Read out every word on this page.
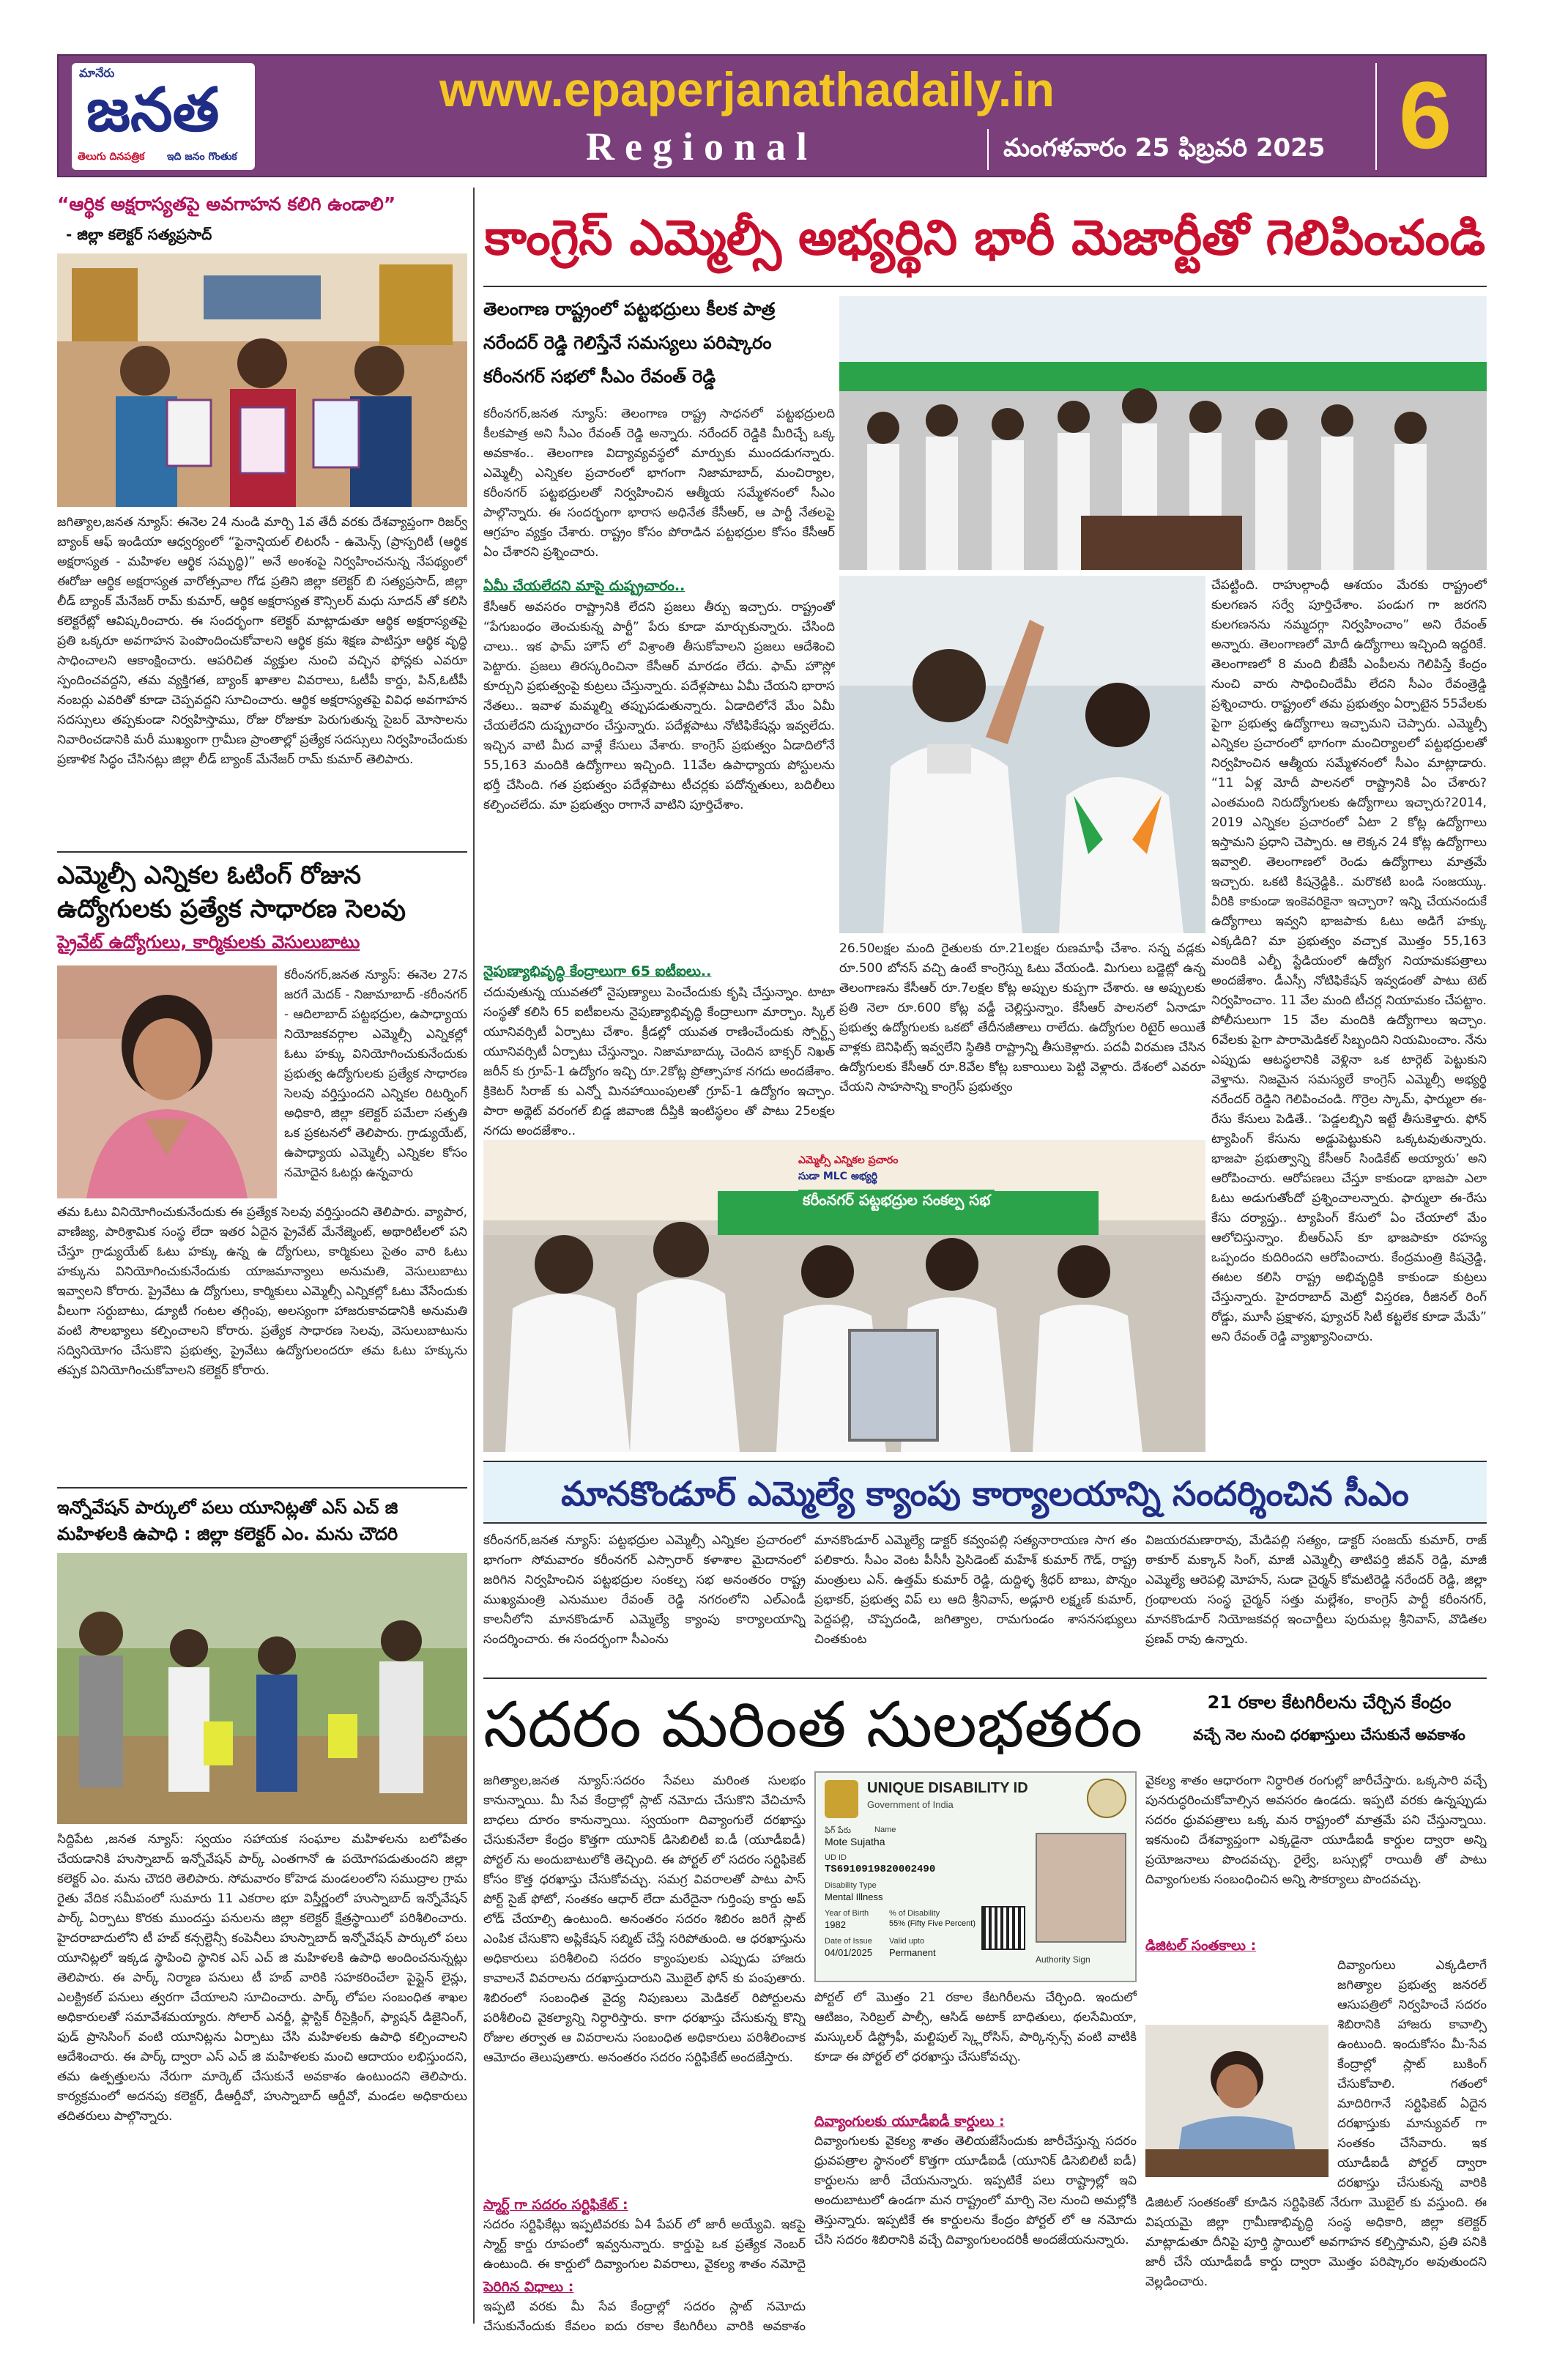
మానేరు
జనత
తెలుగు దినపత్రిక ఇది జనం గొంతుక
www.epaperjanathadaily.in
Regional	మంగళవారం 25 ఫిబ్రవరి 2025 6
“ఆర్థిక అక్షరాస్యతపై అవగాహన కలిగి ఉండాలి”
- జిల్లా కలెక్టర్ సత్యప్రసాద్
జగిత్యాల,జనత న్యూస్: ఈనెల 24 నుండి మార్చి 1వ తేదీ వరకు దేశవ్యాప్తంగా రిజర్వ్ బ్యాంక్ ఆఫ్ ఇండియా ఆధ్వర్యంలో “ఫైనాన్షియల్ లిటరసీ - ఉమెన్స్ (ప్రాస్పరిటీ (ఆర్థిక అక్షరాస్యత - మహిళల ఆర్థిక సమృద్ధి)” అనే అంశంపై నిర్వహించనున్న నేపథ్యంలో ఈరోజు ఆర్థిక అక్షరాస్యత వారోత్సవాల గోడ ప్రతిని జిల్లా కలెక్టర్ బి సత్యప్రసాద్, జిల్లా లీడ్ బ్యాంక్ మేనేజర్ రామ్ కుమార్, ఆర్థిక అక్షరాస్యత కౌన్సిలర్ మధు సూదన్ తో కలిసి కలెక్టరేట్లో ఆవిష్కరించారు. ఈ సందర్భంగా కలెక్టర్ మాట్లాడుతూ ఆర్థిక అక్షరాస్యతపై ప్రతి ఒక్కరూ అవగాహన పెంపొందించుకోవాలని ఆర్థిక క్రమ శిక్షణ పాటిస్తూ ఆర్థిక వృద్ధి సాధించాలని ఆకాంక్షించారు. ఆపరిచిత వ్యక్తుల నుంచి వచ్చిన ఫోన్లకు ఎవరూ స్పందించవద్దని, తమ వ్యక్తిగత, బ్యాంక్ ఖాతాల వివరాలు, ఓటీపీ కార్డు, పిన్,ఓటీపీ నంబర్లు ఎవరితో కూడా చెప్పవద్దని సూచించారు. ఆర్థిక అక్షరాస్యతపై వివిధ అవగాహన సదస్సులు తప్పకుండా నిర్వహిస్తాము, రోజు రోజుకూ పెరుగుతున్న సైబర్ మోసాలను నివారించడానికి మరీ ముఖ్యంగా గ్రామీణ ప్రాంతాల్లో ప్రత్యేక సదస్సులు నిర్వహించేందుకు ప్రణాళిక సిద్ధం చేసినట్లు జిల్లా లీడ్ బ్యాంక్ మేనేజర్ రామ్ కుమార్ తెలిపారు.
ఎమ్మెల్సీ ఎన్నికల ఓటింగ్ రోజున ఉద్యోగులకు ప్రత్యేక సాధారణ సెలవు
ప్రైవేట్ ఉద్యోగులు, కార్మికులకు వెసులుబాటు
కరీంనగర్,జనత న్యూస్: ఈనెల 27న జరగే మెదక్ - నిజామాబాద్ -కరీంనగర్ - ఆదిలాబాద్ పట్టభద్రుల, ఉపాధ్యాయ నియోజకవర్గాల ఎమ్మెల్సీ ఎన్నికల్లో ఓటు హక్కు వినియోగించుకునేందుకు ప్రభుత్వ ఉద్యోగులకు ప్రత్యేక సాధారణ సెలవు వర్తిస్తుందని ఎన్నికల రిటర్నింగ్ అధికారి, జిల్లా కలెక్టర్ పమేలా సత్పతి ఒక ప్రకటనలో తెలిపారు. గ్రాడ్యుయేట్, ఉపాధ్యాయ ఎమ్మెల్సీ ఎన్నికల కోసం నమోదైన ఓటర్లు ఉన్నవారు
తమ ఓటు వినియోగించుకునేందుకు ఈ ప్రత్యేక సెలవు వర్తిస్తుందని తెలిపారు. వ్యాపార, వాణిజ్య, పారిశ్రామిక సంస్థ లేదా ఇతర ఏదైన ప్రైవేట్ మేనేజ్మెంట్, అథారిటీలలో పని చేస్తూ గ్రాడ్యుయేట్ ఓటు హక్కు ఉన్న ఉ ద్యోగులు, కార్మికులు సైతం వారి ఓటు హక్కును వినియోగించుకునేందుకు యాజమాన్యాలు అనుమతి, వెసులుబాటు ఇవ్వాలని కోరారు. ప్రైవేటు ఉ ద్యోగులు, కార్మికులు ఎమ్మెల్సీ ఎన్నికల్లో ఓటు వేసేందుకు వీలుగా సర్దుబాటు, డ్యూటీ గంటల తగ్గింపు, అలస్యంగా హాజరుకావడానికి అనుమతి వంటి సౌలభ్యాలు కల్పించాలని కోరారు. ప్రత్యేక సాధారణ సెలవు, వెసులుబాటును సద్వినియోగం చేసుకొని ప్రభుత్వ, ప్రైవేటు ఉద్యోగులందరూ తమ ఓటు హక్కును తప్పక వినియోగించుకోవాలని కలెక్టర్ కోరారు.
ఇన్నోవేషన్ పార్కులో పలు యూనిట్లతో ఎస్ ఎచ్ జి మహిళలకి ఉపాధి : జిల్లా కలెక్టర్ ఎం. మను చౌదరి
సిద్దిపేట ,జనత న్యూస్: స్వయం సహాయక సంఘాల మహిళలను బలోపేతం చేయడానికి హుస్నాబాద్ ఇన్నోవేషన్ పార్క్ ఎంతగానో ఉ పయోగపడుతుందని జిల్లా కలెక్టర్ ఎం. మను చౌదరి తెలిపారు. సోమవారం కోహెడ మండలంలోని సముద్రాల గ్రామ రైతు వేదిక సమీపంలో సుమారు 11 ఎకరాల భూ విస్తీర్ణంలో హుస్నాబాద్ ఇన్నోవేషన్ పార్క్ ఏర్పాటు కొరకు ముందస్తు పనులను జిల్లా కలెక్టర్ క్షేత్రస్థాయిలో పరిశీలించారు. హైదరాబాదులోని టీ హబ్ కన్సల్టెన్సీ కంపెనీలు హుస్నాబాద్ ఇన్నోవేషన్ పార్కులో పలు యూనిట్లలో ఇక్కడ స్థాపించి స్థానిక ఎస్ ఎచ్ జి మహిళలకి ఉపాధి అందించనున్నట్లు తెలిపారు. ఈ పార్క్ నిర్మాణ పనులు టీ హబ్ వారికి సహకరించేలా పైప్లైన్ లైన్లు, ఎలక్ట్రికల్ పనులు త్వరగా చేయాలని సూచించారు. పార్క్ లోపల సంబంధిత శాఖల అధికారులతో సమావేశమయ్యారు. సోలార్ ఎనర్జీ, ఫ్లాస్టిక్ రీసైక్లింగ్, ఫ్యాషన్ డిజైనింగ్, ఫుడ్ ప్రాసెసింగ్ వంటి యూనిట్లను ఏర్పాటు చేసి మహిళలకు ఉపాధి కల్పించాలని ఆదేశించారు. ఈ పార్క్ ద్వారా ఎస్ ఎచ్ జి మహిళలకు మంచి ఆదాయం లభిస్తుందని, తమ ఉత్పత్తులను నేరుగా మార్కెట్ చేసుకునే అవకాశం ఉంటుందని తెలిపారు. కార్యక్రమంలో అదనపు కలెక్టర్, డీఆర్డీవో, హుస్నాబాద్ ఆర్డీవో, మండల అధికారులు తదితరులు పాల్గొన్నారు.
కాంగ్రెస్ ఎమ్మెల్సీ అభ్యర్థిని భారీ మెజార్టీతో గెలిపించండి
తెలంగాణ రాష్ట్రంలో పట్టభద్రులు కీలక పాత్ర
నరేందర్ రెడ్డి గెలిస్తేనే సమస్యలు పరిష్కారం
కరీంనగర్ సభలో సీఎం రేవంత్ రెడ్డి
కరీంనగర్,జనత న్యూస్: తెలంగాణ రాష్ట్ర సాధనలో పట్టభద్రులది కీలకపాత్ర అని సీఎం రేవంత్ రెడ్డి అన్నారు. నరేందర్ రెడ్డికి మీరిచ్చే ఒక్క అవకాశం.. తెలంగాణ విద్యావ్యవస్థలో మార్పుకు ముందడుగన్నారు. ఎమ్మెల్సీ ఎన్నికల ప్రచారంలో భాగంగా నిజామాబాద్, మంచిర్యాల, కరీంనగర్ పట్టభద్రులతో నిర్వహించిన ఆత్మీయ సమ్మేళనంలో సీఎం పాల్గొన్నారు. ఈ సందర్భంగా భారాస అధినేత కేసీఆర్, ఆ పార్టీ నేతలపై ఆగ్రహం వ్యక్తం చేశారు. రాష్ట్రం కోసం పోరాడిన పట్టభద్రుల కోసం కేసీఆర్ ఏం చేశారని ప్రశ్నించారు.
ఏమీ చేయలేదని మాపై దుష్ప్రచారం..
కేసీఆర్ అవసరం రాష్ట్రానికి లేదని ప్రజలు తీర్పు ఇచ్చారు. రాష్ట్రంతో “పేగుబంధం తెంచుకున్న పార్టీ” పేరు కూడా మార్చుకున్నారు. చేసింది చాలు.. ఇక ఫామ్ హౌస్ లో విశ్రాంతి తీసుకోవాలని ప్రజలు ఆదేశించి పెట్టారు. ప్రజలు తిరస్కరించినా కేసీఆర్ మారడం లేదు. ఫామ్ హౌస్లో కూర్చుని ప్రభుత్వంపై కుట్రలు చేస్తున్నారు. పదేళ్లపాటు ఏమీ చేయని భారాస నేతలు.. ఇవాళ మమ్మల్ని తప్పుపడుతున్నారు. ఏడాదిలోనే మేం ఏమీ చేయలేదని దుష్ప్రచారం చేస్తున్నారు. పదేళ్లపాటు నోటిఫికేషన్లు ఇవ్వలేదు. ఇచ్చిన వాటి మీద వాళ్లే కేసులు వేశారు. కాంగ్రెస్ ప్రభుత్వం ఏడాదిలోనే 55,163 మందికి ఉద్యోగాలు ఇచ్చింది. 11వేల ఉపాధ్యాయ పోస్టులను భర్తీ చేసింది. గత ప్రభుత్వం పదేళ్లపాటు టీచర్లకు పదోన్నతులు, బదిలీలు కల్పించలేదు. మా ప్రభుత్వం రాగానే వాటిని పూర్తిచేశాం.
నైపుణ్యాభివృద్ధి కేంద్రాలుగా 65 ఐటీఐలు..
చదువుతున్న యువతలో నైపుణ్యాలు పెంచేందుకు కృషి చేస్తున్నాం. టాటా సంస్థతో కలిసి 65 ఐటీఐలను నైపుణ్యాభివృద్ధి కేంద్రాలుగా మార్చాం. స్కిల్ యూనివర్సిటీ ఏర్పాటు చేశాం. క్రీడల్లో యువత రాణించేందుకు స్పోర్ట్స్ యూనివర్సిటీ ఏర్పాటు చేస్తున్నాం. నిజామాబాద్కు చెందిన బాక్సర్ నిఖత్ జరీన్ కు గ్రూప్-1 ఉద్యోగం ఇచ్చి రూ.2కోట్ల ప్రోత్సాహక నగదు అందజేశాం. క్రికెటర్ సిరాజ్ కు ఎన్నో మినహాయింపులతో గ్రూప్-1 ఉద్యోగం ఇచ్చాం. పారా అథ్లెట్ వరంగల్ బిడ్డ జివాంజి దీప్తికి ఇంటిస్థలం తో పాటు 25లక్షల నగదు అందజేశాం..
26.50లక్షల మంది రైతులకు రూ.21లక్షల రుణమాఫీ చేశాం. సన్న వడ్లకు రూ.500 బోనస్ వచ్చి ఉంటే కాంగ్రెస్ను ఓటు వేయండి. మిగులు బడ్జెట్లో ఉన్న తెలంగాణను కేసీఆర్ రూ.7లక్షల కోట్ల అప్పుల కుప్పగా చేశారు. ఆ అప్పులకు ప్రతి నెలా రూ.600 కోట్ల వడ్డీ చెల్లిస్తున్నాం. కేసీఆర్ పాలనలో ఏనాడూ ప్రభుత్వ ఉద్యోగులకు ఒకటో తేదీనజీతాలు రాలేదు. ఉద్యోగుల రిటైర్ అయితే వాళ్లకు బెనిఫిట్స్ ఇవ్వలేని స్థితికి రాష్ట్రాన్ని తీసుకెళ్లారు. పదవీ విరమణ చేసిన ఉద్యోగులకు కేసీఆర్ రూ.8వేల కోట్ల బకాయిలు పెట్టి వెళ్లారు. దేశంలో ఎవరూ చేయని సాహసాన్ని కాంగ్రెస్ ప్రభుత్వం
చేపట్టింది. రాహుల్గాంధీ ఆశయం మేరకు రాష్ట్రంలో కులగణన సర్వే పూర్తిచేశాం. పండుగ గా జరగని కులగణనను నమ్మదగ్గా నిర్వహించాం” అని రేవంత్ అన్నారు. తెలంగాణలో మోదీ ఉద్యోగాలు ఇచ్చింది ఇద్దరికే. తెలంగాణలో 8 మంది బీజేపీ ఎంపీలను గెలిపిస్తే కేంద్రం నుంచి వారు సాధించిందేమీ లేదని సీఎం రేవంత్రెడ్డి ప్రశ్నించారు. రాష్ట్రంలో తమ ప్రభుత్వం ఏర్పాటైన 55వేలకు పైగా ప్రభుత్వ ఉద్యోగాలు ఇచ్చామని చెప్పారు. ఎమ్మెల్సీ ఎన్నికల ప్రచారంలో భాగంగా మంచిర్యాలలో పట్టభద్రులతో నిర్వహించిన ఆత్మీయ సమ్మేళనంలో సీఎం మాట్లాడారు. “11 ఏళ్ల మోదీ పాలనలో రాష్ట్రానికి ఏం చేశారు? ఎంతమంది నిరుద్యోగులకు ఉద్యోగాలు ఇచ్చారు?2014, 2019 ఎన్నికల ప్రచారంలో ఏటా 2 కోట్ల ఉద్యోగాలు ఇస్తామని ప్రధాని చెప్పారు. ఆ లెక్కన 24 కోట్ల ఉద్యోగాలు ఇవ్వాలి. తెలంగాణలో రెండు ఉద్యోగాలు మాత్రమే ఇచ్చారు. ఒకటి కిషన్రెడ్డికి.. మరొకటి బండి సంజయ్కు. వీరికి కాకుండా ఇంకెవరికైనా ఇచ్చారా? ఇన్ని చేయనందుకే ఉద్యోగాలు ఇవ్వని భాజపాకు ఓటు అడిగే హక్కు ఎక్కడిది? మా ప్రభుత్వం వచ్చాక మొత్తం 55,163 మందికి ఎల్బీ స్టేడియంలో ఉద్యోగ నియామకపత్రాలు అందజేశాం. డీఎస్సీ నోటిఫికేషన్ ఇవ్వడంతో పాటు టెట్ నిర్వహించాం. 11 వేల మంది టీచర్ల నియామకం చేపట్టాం. పోలీసులుగా 15 వేల మందికి ఉద్యోగాలు ఇచ్చాం. 6వేలకు పైగా పారామెడికల్ సిబ్బందిని నియమించాం. నేను ఎప్పుడు ఆటస్థలానికి వెళ్లినా ఒక టార్గెట్ పెట్టుకుని వెళ్తాను. నిజమైన సమస్యలే కాంగ్రెస్ ఎమ్మెల్సీ అభ్యర్థి నరేందర్ రెడ్డిని గెలిపించండి. గొర్రెల స్కామ్, ఫార్ములా ఈ-రేసు కేసులు పెడితే.. ‘పెడ్డలబ్బిని ఇట్టే తీసుకెళ్తారు. ఫోన్ ట్యాపింగ్ కేసును అడ్డుపెట్టుకుని ఒక్కటవుతున్నారు. భాజపా ప్రభుత్వాన్ని కేసీఆర్ సిండికేట్ అయ్యారు’ అని ఆరోపించారు. ఆరోపణలు చేస్తూ కాకుండా భాజపా ఎలా ఓటు అడుగుతోందో ప్రశ్నించాలన్నారు. ఫార్ములా ఈ-రేసు కేసు దర్యాప్తు.. ట్యాపింగ్ కేసులో ఏం చేయాలో మేం ఆలోచిస్తున్నాం. బీఆర్ఎస్ కూ భాజపాకూ రహస్య ఒప్పందం కుదిరిందని ఆరోపించారు. కేంద్రమంత్రి కిషన్రెడ్డి, ఈటల కలిసి రాష్ట్ర అభివృద్ధికి కాకుండా కుట్రలు చేస్తున్నారు. హైదరాబాద్ మెట్రో విస్తరణ, రీజినల్ రింగ్ రోడ్డు, మూసీ ప్రక్షాళన, ఫ్యూచర్ సిటీ కట్టలేక కూడా మేమే” అని రేవంత్ రెడ్డి వ్యాఖ్యానించారు.
ఎమ్మెల్సీ ఎన్నికల ప్రచారం
సుడా MLC అభ్యర్థి
కరీంనగర్ పట్టభద్రుల సంకల్ప సభ
మానకొండూర్ ఎమ్మెల్యే క్యాంపు కార్యాలయాన్ని సందర్శించిన సీఎం
కరీంనగర్,జనత న్యూస్: పట్టభద్రుల ఎమ్మెల్సీ ఎన్నికల ప్రచారంలో భాగంగా సోమవారం కరీంనగర్ ఎస్సారార్ కళాశాల మైదానంలో జరిగిన నిర్వహించిన పట్టభద్రుల సంకల్ప సభ అనంతరం రాష్ట్ర ముఖ్యమంత్రి ఎనుముల రేవంత్ రెడ్డి నగరంలోని ఎల్ఎండీ కాలనీలోని మానకొండూర్ ఎమ్మెల్యే క్యాంపు కార్యాలయాన్ని సందర్శించారు. ఈ సందర్భంగా సీఎంను
మానకొండూర్ ఎమ్మెల్యే డాక్టర్ కవ్వంపల్లి సత్యనారాయణ సాగ తం పలికారు. సీఎం వెంట పీసీసీ ప్రెసిడెంట్ మహేశ్ కుమార్ గౌడ్, రాష్ట్ర మంత్రులు ఎన్. ఉత్తమ్ కుమార్ రెడ్డి, దుద్దిళ్ళ శ్రీధర్ బాబు, పొన్నం ప్రభాకర్, ప్రభుత్వ విప్ లు ఆది శ్రీనివాస్, అడ్లూరి లక్ష్మణ్ కుమార్, పెద్దపల్లి, చొప్పదండి, జగిత్యాల, రామగుండం శాసనసభ్యులు చింతకుంట
విజయరమణారావు, మేడిపల్లి సత్యం, డాక్టర్ సంజయ్ కుమార్, రాజ్ ఠాకూర్ మక్కాన్ సింగ్, మాజీ ఎమ్మెల్సీ తాటిపర్తి జీవన్ రెడ్డి, మాజీ ఎమ్మెల్యే ఆరెపల్లి మోహన్, సుడా చైర్మన్ కోమటిరెడ్డి నరేందర్ రెడ్డి, జిల్లా గ్రంథాలయ సంస్థ చైర్మన్ సత్తు మల్లేశం, కాంగ్రెస్ పార్టీ కరీంనగర్, మానకొండూర్ నియోజకవర్గ ఇంచార్జీలు పురుమల్ల శ్రీనివాస్, వొడితల ప్రణవ్ రావు ఉన్నారు.
సదరం మరింత సులభతరం	21 రకాల కేటగిరీలను చేర్చిన కేంద్రం
వచ్చే నెల నుంచి ధరఖాస్తులు చేసుకునే అవకాశం
జగిత్యాల,జనత న్యూస్:సదరం సేవలు మరింత సులభం కానున్నాయి. మీ సేవ కేంద్రాల్లో స్లాట్ నమోదు చేసుకొని వేచిచూసే బాధలు దూరం కానున్నాయి. స్వయంగా దివ్యాంగులే దరఖాస్తు చేసుకునేలా కేంద్రం కొత్తగా యూనిక్ డిసెబిలిటీ ఐ.డీ (యూడీఐడీ) పోర్టల్ ను అందుబాటులోకి తెచ్చింది. ఈ పోర్టల్ లో సదరం సర్టిఫికెట్ కోసం కొత్త ధరఖాస్తు చేసుకోవచ్చు. సమగ్ర వివరాలతో పాటు పాస్ పోర్ట్ సైజ్ ఫోటో, సంతకం ఆధార్ లేదా మరేదైనా గుర్తింపు కార్డు అప్ లోడ్ చేయాల్సి ఉంటుంది. అనంతరం సదరం శిబిరం జరిగే స్లాట్ ఎంపిక చేసుకొని అప్లికేషన్ సబ్మిట్ చేస్తే సరిపోతుంది. ఆ ధరఖాస్తును అధికారులు పరిశీలించి సదరం క్యాంపులకు ఎప్పుడు హాజరు కావాలనే వివరాలను దరఖాస్తుదారుని మొబైల్ ఫోన్ కు పంపుతారు. శిబిరంలో సంబంధిత వైద్య నిపుణులు మెడికల్ రిపోర్టులను పరిశీలించి వైకల్యాన్ని నిర్ధారిస్తారు. కాగా ధరఖాస్తు చేసుకున్న కొన్ని రోజుల తర్వాత ఆ వివరాలను సంబంధిత అధికారులు పరిశీలించాక ఆమోదం తెలుపుతారు. అనంతరం సదరం సర్టిఫికేట్ అందజేస్తారు.
స్మార్ట్ గా సదరం సర్టిఫికేట్ :
సదరం సర్టిఫికేట్లు ఇప్పటివరకు ఏ4 పేపర్ లో జారీ అయ్యేవి. ఇకపై స్మార్ట్ కార్డు రూపంలో ఇవ్వనున్నారు. కార్డుపై ఒక ప్రత్యేక నెంబర్ ఉంటుంది. ఈ కార్డులో దివ్యాంగుల వివరాలు, వైకల్య శాతం నమోదై
పెరిగిన విధాలు :
ఇప్పటి వరకు మీ సేవ కేంద్రాల్లో సదరం స్లాట్ నమోదు చేసుకునేందుకు కేవలం ఐదు రకాల కేటగిరీలు వారికి అవకాశం
UNIQUE DISABILITY ID
Government of India
ఫిగ్ పేరు	Name
Mote Sujatha
UD ID
TS6910919820002490
Disability Type
Mental Illness
Year of Birth
1982
% of Disability
55% (Fifty Five Percent)
Date of Issue
04/01/2025
Valid upto
Permanent
Authority Sign
పోర్టల్ లో మొత్తం 21 రకాల కేటగిరీలను చేర్చింది. ఇందులో ఆటిజం, సెరిబ్రల్ పాల్సీ, ఆసిడ్ అటాక్ బాధితులు, థలసేమియా, మస్కులర్ డిస్ట్రోఫీ, మల్టిపుల్ స్క్లెరోసిస్, పార్కిన్సన్స్ వంటి వాటికి కూడా ఈ పోర్టల్ లో ధరఖాస్తు చేసుకోవచ్చు.
దివ్యాంగులకు యూడీఐడీ కార్డులు :
దివ్యాంగులకు వైకల్య శాతం తెలియజేసేందుకు జారీచేస్తున్న సదరం ధ్రువపత్రాల స్థానంలో కొత్తగా యూడీఐడీ (యూనిక్ డిసెబిలిటీ ఐడీ) కార్డులను జారీ చేయనున్నారు. ఇప్పటికే పలు రాష్ట్రాల్లో ఇవి అందుబాటులో ఉండగా మన రాష్ట్రంలో మార్చి నెల నుంచి అమల్లోకి తెస్తున్నారు. ఇప్పటికే ఈ కార్డులను కేంద్రం పోర్టల్ లో ఆ నమోదు చేసి సదరం శిబిరానికి వచ్చే దివ్యాంగులందరికీ అందజేయనున్నారు.
వైకల్య శాతం ఆధారంగా నిర్ధారిత రంగుల్లో జారీచేస్తారు. ఒక్కసారి వచ్చే పునరుద్ధరించుకోవాల్సిన అవసరం ఉండదు. ఇప్పటి వరకు ఉన్నప్పుడు సదరం ధ్రువపత్రాలు ఒక్క మన రాష్ట్రంలో మాత్రమే పని చేస్తున్నాయి. ఇకనుంచి దేశవ్యాప్తంగా ఎక్కడైనా యూడీఐడీ కార్డుల ద్వారా అన్ని ప్రయోజనాలు పొందవచ్చు. రైల్వే, బస్సుల్లో రాయితీ తో పాటు దివ్యాంగులకు సంబంధించిన అన్ని సౌకర్యాలు పొందవచ్చు.
డిజిటల్ సంతకాలు :
దివ్యాంగులు ఎక్కడిలాగే జగిత్యాల ప్రభుత్వ జనరల్ ఆసుపత్రిలో నిర్వహించే సదరం శిబిరానికి హాజరు కావాల్సి ఉంటుంది. ఇందుకోసం మీ-సేవ కేంద్రాల్లో స్లాట్ బుకింగ్ చేసుకోవాలి. గతంలో మాదిరిగానే సర్టిఫికెట్ ఏదైన దరఖాస్తుకు మాన్యువల్ గా సంతకం చేసేవారు. ఇక యూడీఐడీ పోర్టల్ ద్వారా దరఖాస్తు చేసుకున్న వారికి డిజిటల్ సంతకంతో కూడిన సర్టిఫికెట్ నేరుగా మొబైల్ కు వస్తుంది. ఈ విషయమై జిల్లా గ్రామీణాభివృద్ధి సంస్థ అధికారి, జిల్లా కలెక్టర్ మాట్లాడుతూ దీనిపై పూర్తి స్థాయిలో అవగాహన కల్పిస్తామని, ప్రతి పనికి జారీ చేసే యూడీఐడీ కార్డు ద్వారా మొత్తం పరిష్కారం అవుతుందని వెల్లడించారు.
